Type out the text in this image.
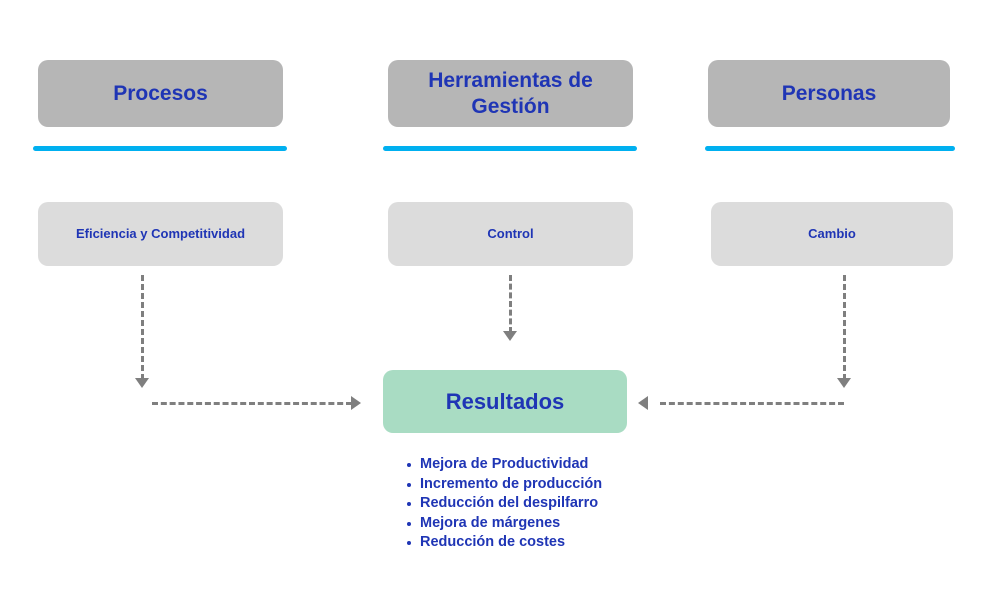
Procesos
Eficiencia y Competitividad
Herramientas de Gestión
Control
Personas
Cambio
Resultados
Mejora de Productividad
Incremento de producción
Reducción del despilfarro
Mejora de márgenes
Reducción de costes
